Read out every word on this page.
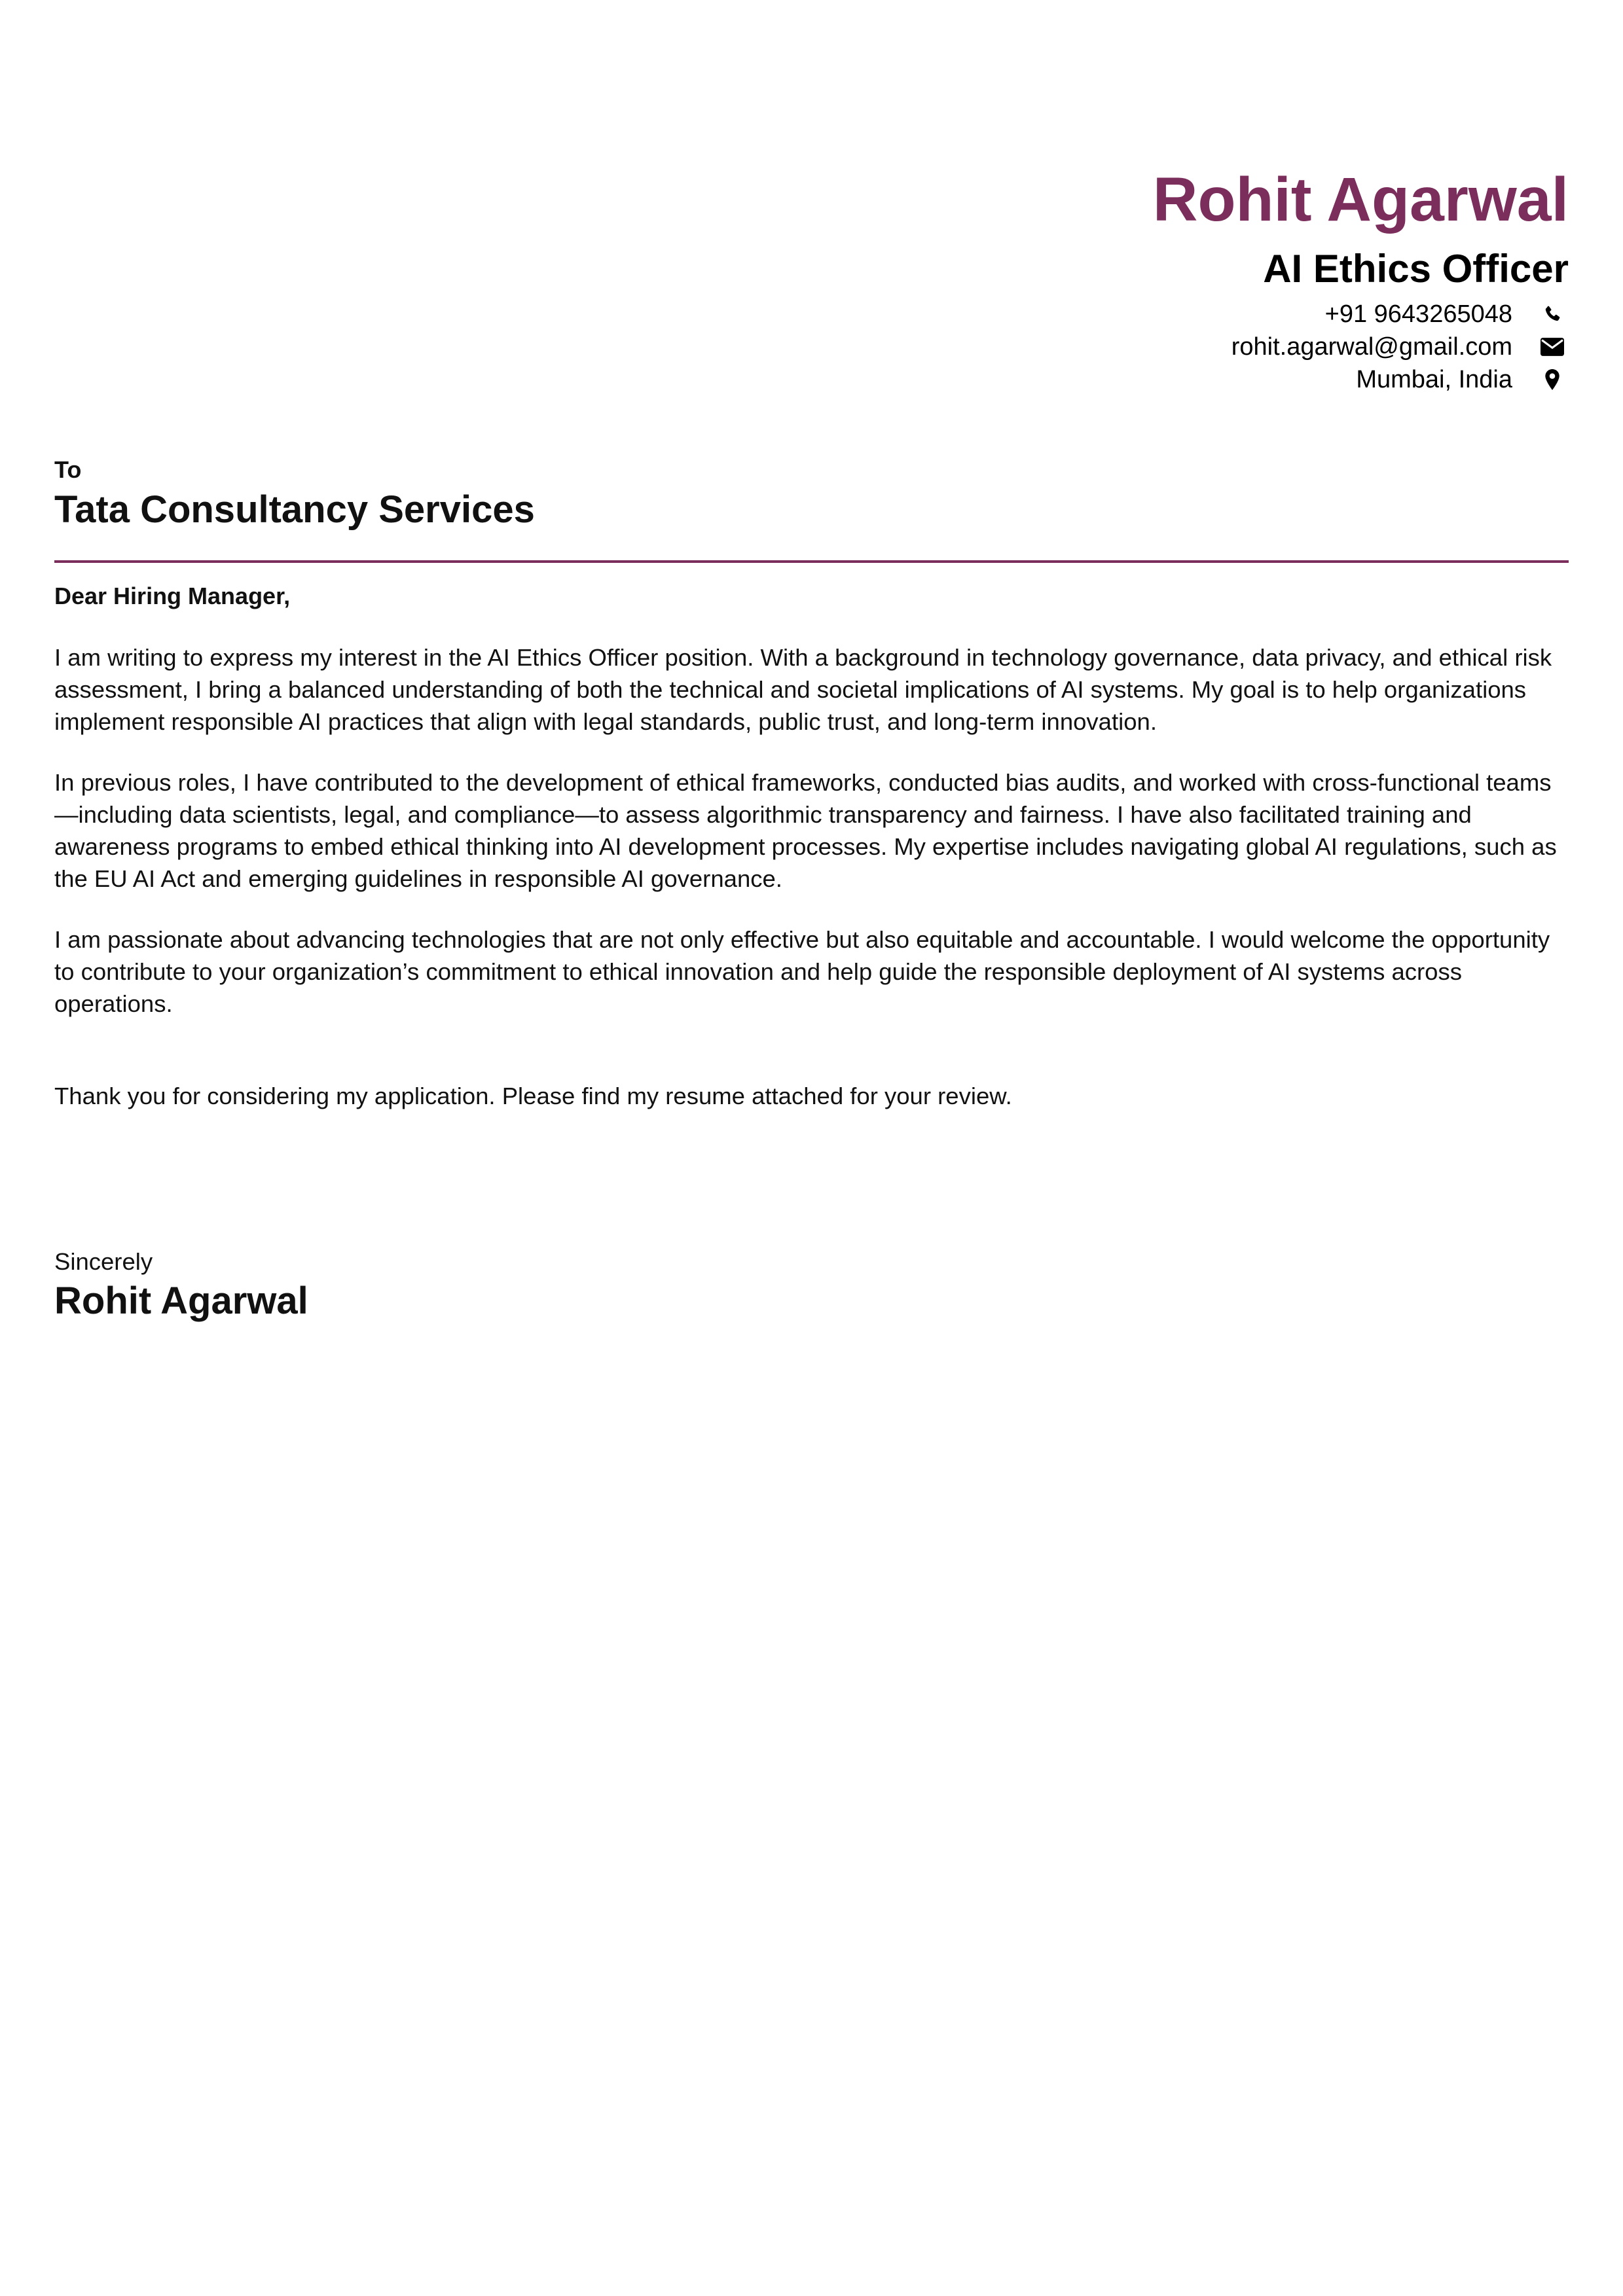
Rohit Agarwal
AI Ethics Officer
+91 9643265048
rohit.agarwal@gmail.com
Mumbai, India
To
Tata Consultancy Services

Dear Hiring Manager,

I am writing to express my interest in the AI Ethics Officer position. With a background in technology governance, data privacy, and ethical risk assessment, I bring a balanced understanding of both the technical and societal implications of AI systems. My goal is to help organizations implement responsible AI practices that align with legal standards, public trust, and long-term innovation.

In previous roles, I have contributed to the development of ethical frameworks, conducted bias audits, and worked with cross-functional teams—including data scientists, legal, and compliance—to assess algorithmic transparency and fairness. I have also facilitated training and awareness programs to embed ethical thinking into AI development processes. My expertise includes navigating global AI regulations, such as the EU AI Act and emerging guidelines in responsible AI governance.

I am passionate about advancing technologies that are not only effective but also equitable and accountable. I would welcome the opportunity to contribute to your organization’s commitment to ethical innovation and help guide the responsible deployment of AI systems across operations.

Thank you for considering my application. Please find my resume attached for your review.

Sincerely
Rohit Agarwal
